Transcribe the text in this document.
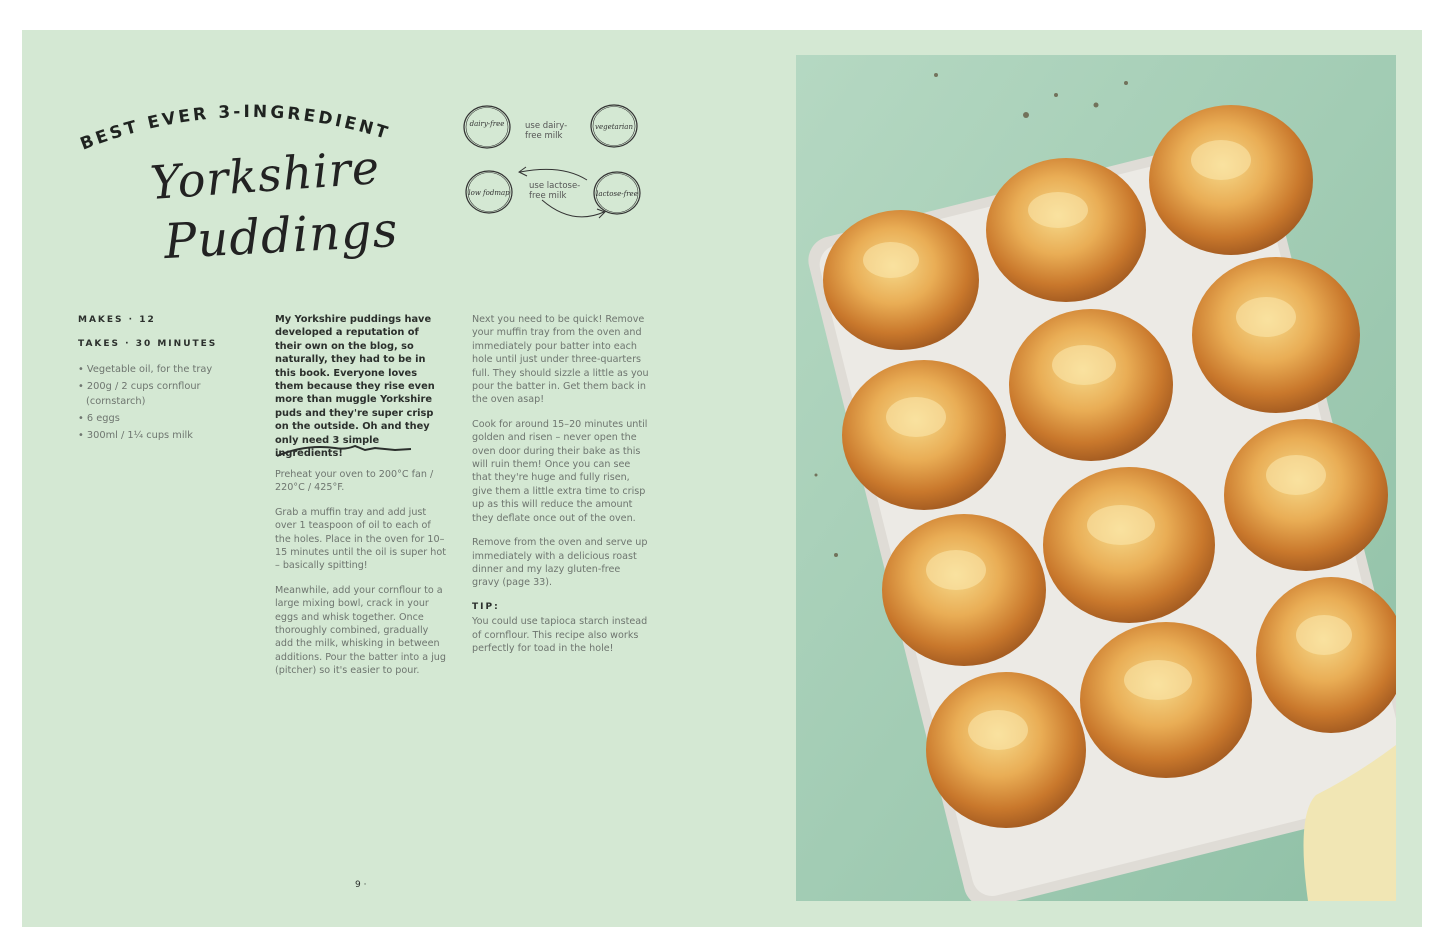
BEST EVER 3-INGREDIENT
Yorkshire
Puddings
dairy-free use dairy-
free milk
vegetarian
low fodmap
use lactose-
free milk	lactose-free
MAKES · 12
TAKES · 30 MINUTES
• Vegetable oil, for the tray
• 200g / 2 cups cornflour (cornstarch)
• 6 eggs
• 300ml / 1¼ cups milk
My Yorkshire puddings have developed a reputation of their own on the blog, so naturally, they had to be in this book. Everyone loves them because they rise even more than muggle Yorkshire puds and they're super crisp on the outside. Oh and they only need 3 simple ingredients!

Preheat your oven to 200°C fan / 220°C / 425°F.

Grab a muffin tray and add just over 1 teaspoon of oil to each of the holes. Place in the oven for 10–15 minutes until the oil is super hot – basically spitting!

Meanwhile, add your cornflour to a large mixing bowl, crack in your eggs and whisk together. Once thoroughly combined, gradually add the milk, whisking in between additions. Pour the batter into a jug (pitcher) so it's easier to pour.

Next you need to be quick! Remove your muffin tray from the oven and immediately pour batter into each hole until just under three-quarters full. They should sizzle a little as you pour the batter in. Get them back in the oven asap!

Cook for around 15–20 minutes until golden and risen – never open the oven door during their bake as this will ruin them! Once you can see that they're huge and fully risen, give them a little extra time to crisp up as this will reduce the amount they deflate once out of the oven.

Remove from the oven and serve up immediately with a delicious roast dinner and my lazy gluten-free gravy (page 33).

TIP:

You could use tapioca starch instead of cornflour. This recipe also works perfectly for toad in the hole!

9 ·
